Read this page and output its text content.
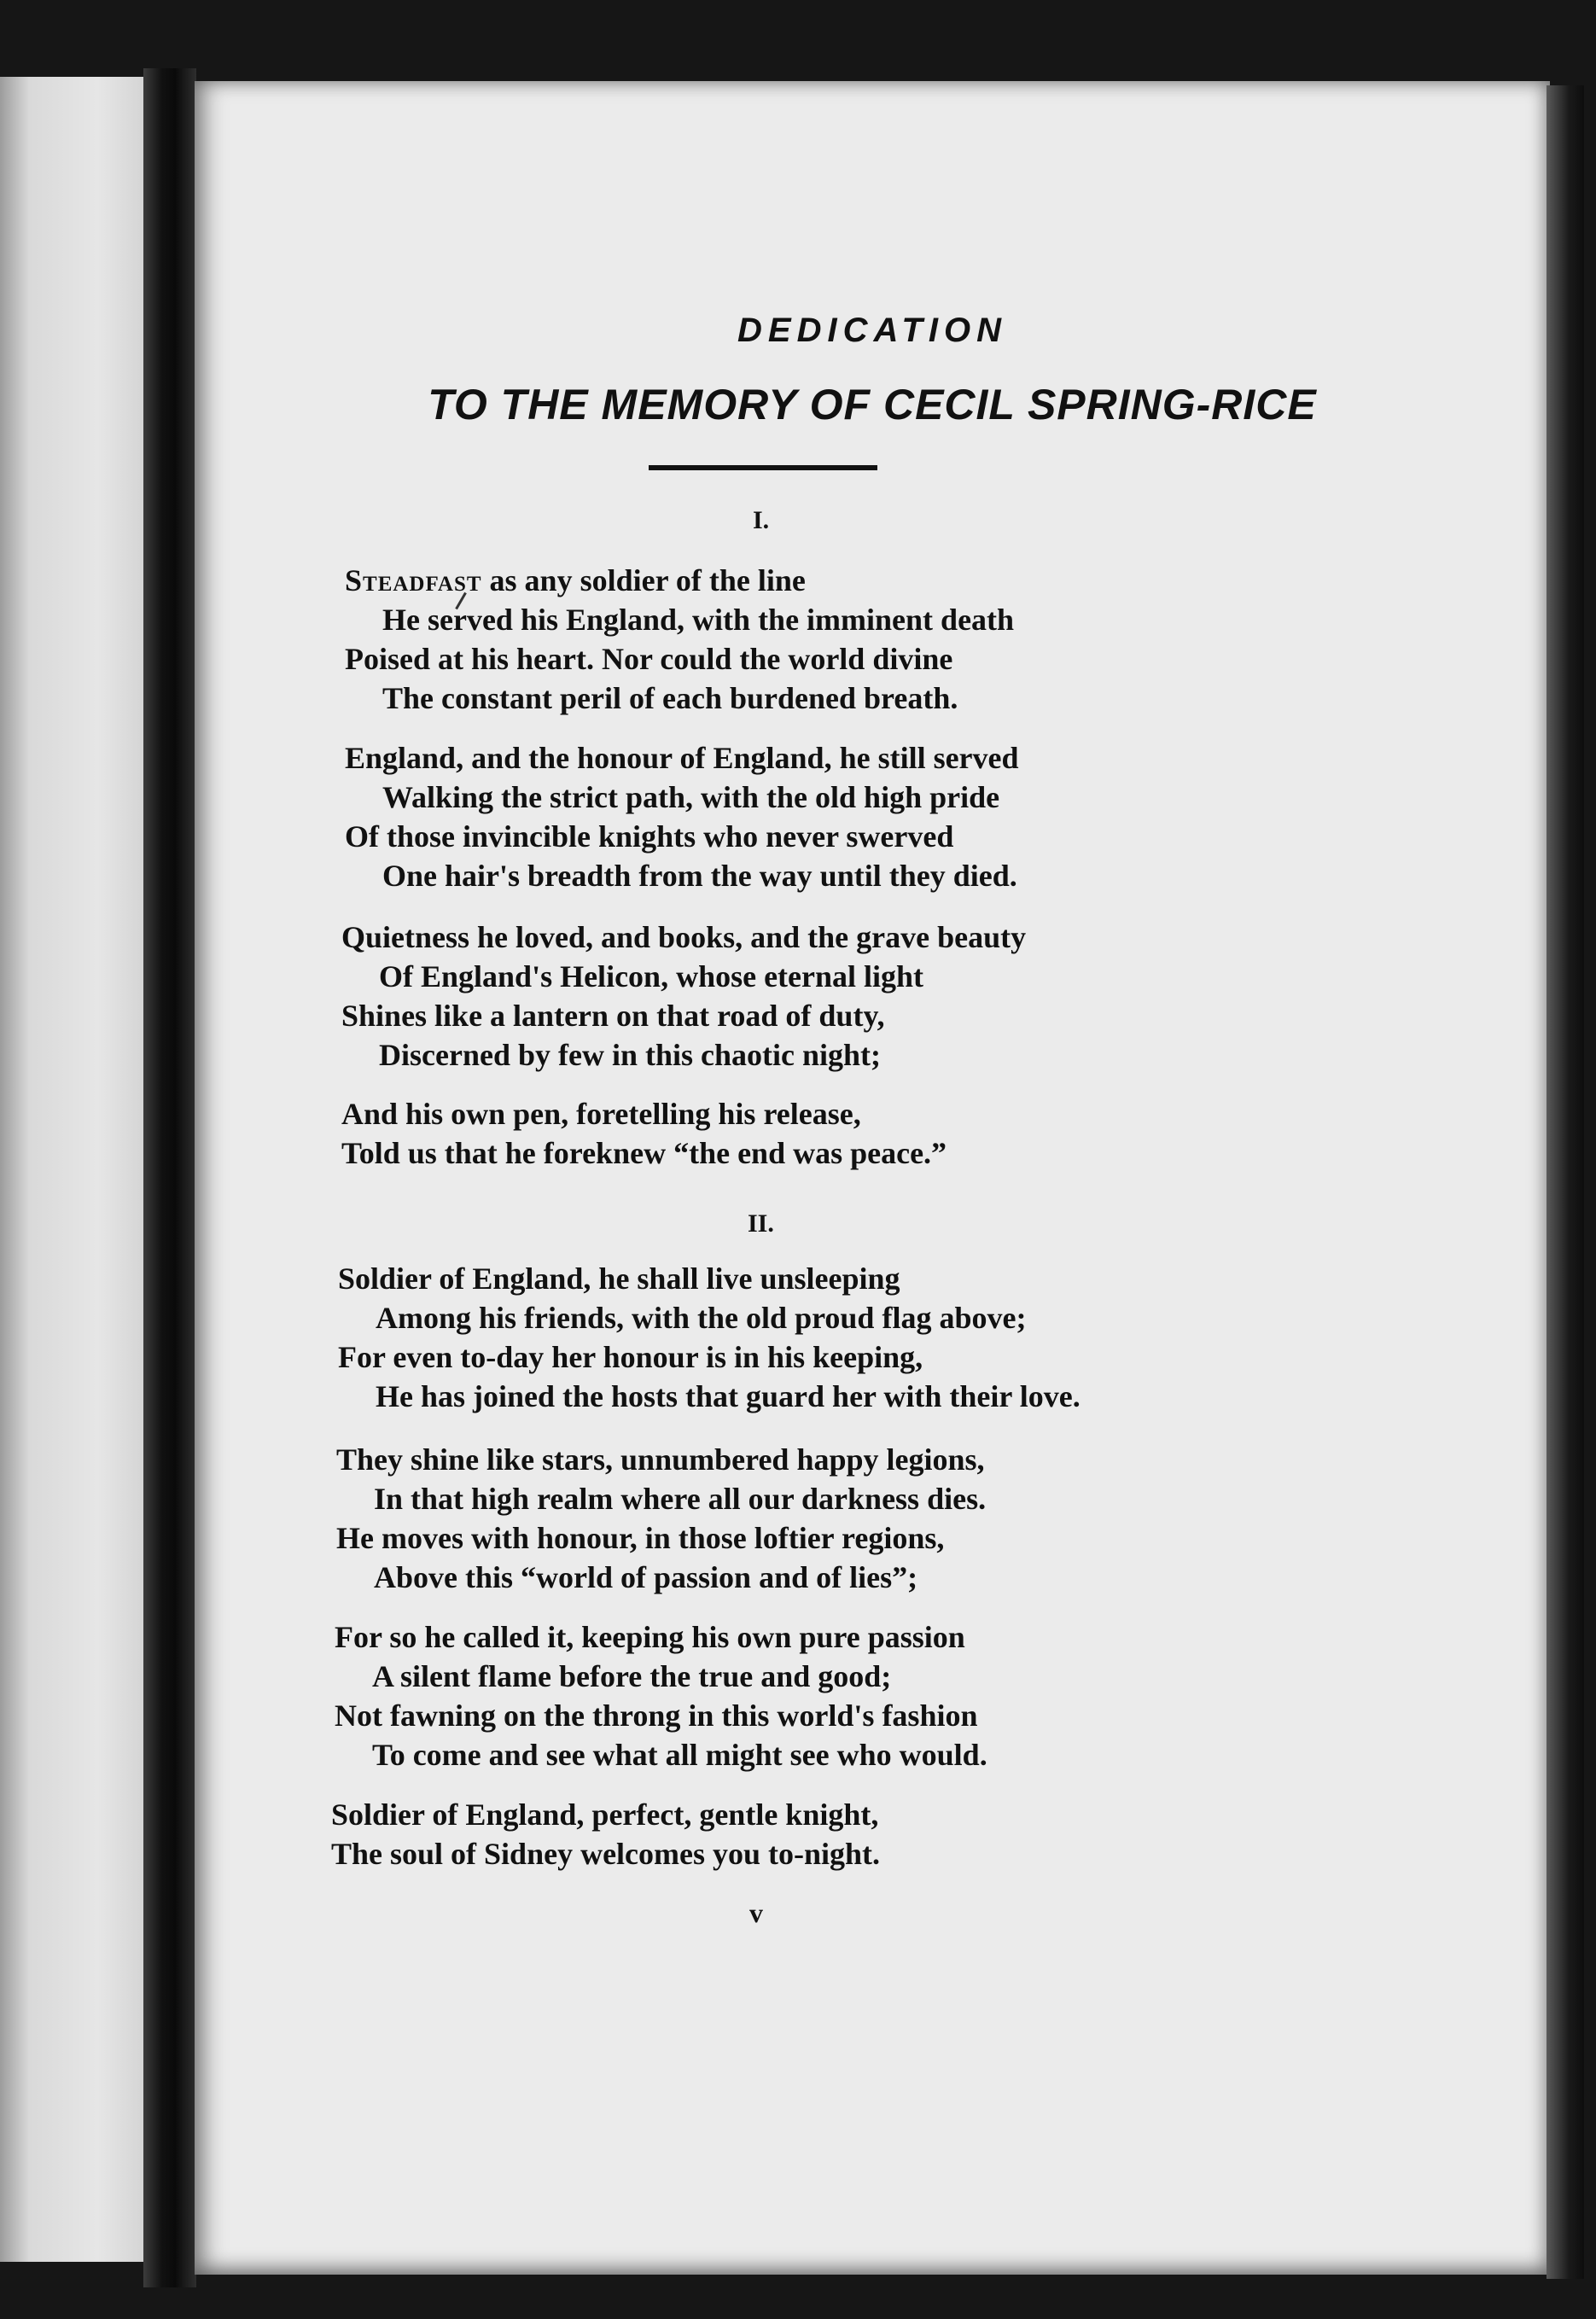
DEDICATION
TO THE MEMORY OF CECIL SPRING-RICE
I.
Steadfast as any soldier of the line
He served his England, with the imminent death
Poised at his heart. Nor could the world divine
The constant peril of each burdened breath.
England, and the honour of England, he still served
Walking the strict path, with the old high pride
Of those invincible knights who never swerved
One hair's breadth from the way until they died.
Quietness he loved, and books, and the grave beauty
Of England's Helicon, whose eternal light
Shines like a lantern on that road of duty,
Discerned by few in this chaotic night;
And his own pen, foretelling his release,
Told us that he foreknew “the end was peace.”
II.
Soldier of England, he shall live unsleeping
Among his friends, with the old proud flag above;
For even to-day her honour is in his keeping,
He has joined the hosts that guard her with their love.
They shine like stars, unnumbered happy legions,
In that high realm where all our darkness dies.
He moves with honour, in those loftier regions,
Above this “world of passion and of lies”;
For so he called it, keeping his own pure passion
A silent flame before the true and good;
Not fawning on the throng in this world's fashion
To come and see what all might see who would.
Soldier of England, perfect, gentle knight,
The soul of Sidney welcomes you to-night.
v
